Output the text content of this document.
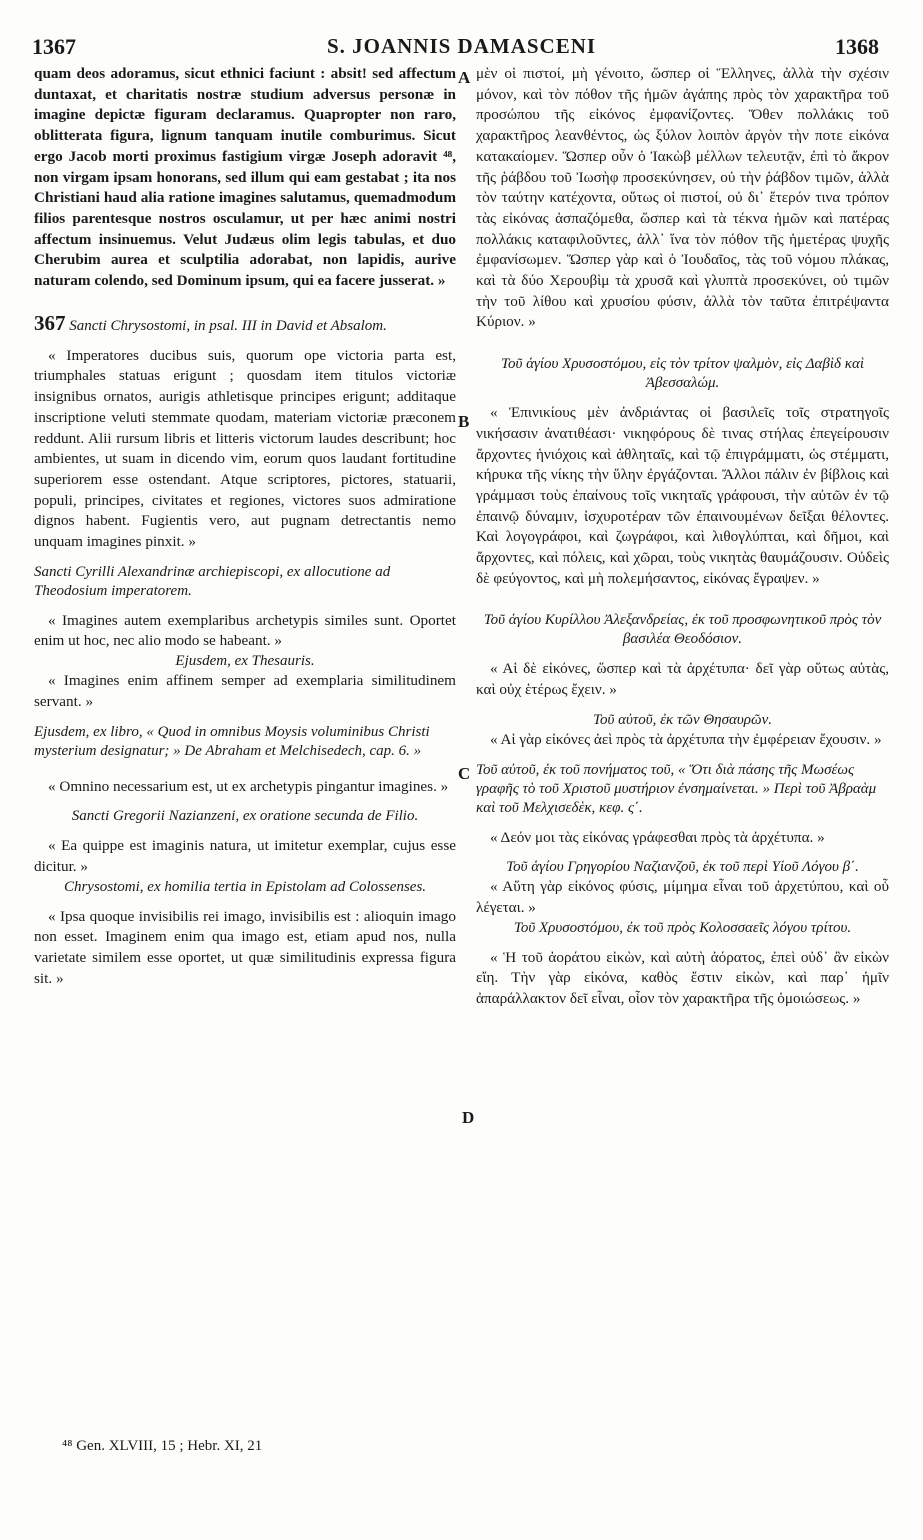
1367	S. JOANNIS DAMASCENI	1368
A
B
C
D

quam deos adoramus, sicut ethnici faciunt : absit! sed affectum duntaxat, et charitatis nostræ studium adversus personæ in imagine depictæ figuram declaramus. Quapropter non raro, oblitterata figura, lignum tanquam inutile comburimus. Sicut ergo Jacob morti proximus fastigium virgæ Joseph adoravit ⁴⁸, non virgam ipsam honorans, sed illum qui eam gestabat ; ita nos Christiani haud alia ratione imagines salutamus, quemadmodum filios parentesque nostros osculamur, ut per hæc animi nostri affectum insinuemus. Velut Judæus olim legis tabulas, et duo Cherubim aurea et sculptilia adorabat, non lapidis, aurive naturam colendo, sed Dominum ipsum, qui ea facere jusserat. »

367 Sancti Chrysostomi, in psal. III in David et Absalom.

« Imperatores ducibus suis, quorum ope victoria parta est, triumphales statuas erigunt ; quosdam item titulos victoriæ insignibus ornatos, aurigis athletisque principes erigunt; additaque inscriptione veluti stemmate quodam, materiam victoriæ præconem reddunt. Alii rursum libris et litteris victorum laudes describunt; hoc ambientes, ut suam in dicendo vim, eorum quos laudant fortitudine superiorem esse ostendant. Atque scriptores, pictores, statuarii, populi, principes, civitates et regiones, victores suos admiratione dignos habent. Fugientis vero, aut pugnam detrectantis nemo unquam imagines pinxit. »

Sancti Cyrilli Alexandrinæ archiepiscopi, ex allocutione ad Theodosium imperatorem.

« Imagines autem exemplaribus archetypis similes sunt. Oportet enim ut hoc, nec alio modo se habeant. »

Ejusdem, ex Thesauris.

« Imagines enim affinem semper ad exemplaria similitudinem servant. »

Ejusdem, ex libro, « Quod in omnibus Moysis voluminibus Christi mysterium designatur; » De Abraham et Melchisedech, cap. 6. »

« Omnino necessarium est, ut ex archetypis pingantur imagines. »

Sancti Gregorii Nazianzeni, ex oratione secunda de Filio.

« Ea quippe est imaginis natura, ut imitetur exemplar, cujus esse dicitur. »

Chrysostomi, ex homilia tertia in Epistolam ad Colossenses.

« Ipsa quoque invisibilis rei imago, invisibilis est : alioquin imago non esset. Imaginem enim qua imago est, etiam apud nos, nulla varietate similem esse oportet, ut quæ similitudinis expressa figura sit. »

μὲν οἱ πιστοί, μὴ γένοιτο, ὥσπερ οἱ Ἕλληνες, ἀλλὰ τὴν σχέσιν μόνον, καὶ τὸν πόθον τῆς ἡμῶν ἀγάπης πρὸς τὸν χαρακτῆρα τοῦ προσώπου τῆς εἰκόνος ἐμφανίζοντες. Ὅθεν πολλάκις τοῦ χαρακτῆρος λεανθέντος, ὡς ξύλον λοιπὸν ἀργὸν τὴν ποτε εἰκόνα κατακαίομεν. Ὥσπερ οὖν ὁ Ἰακὼβ μέλλων τελευτᾷν, ἐπὶ τὸ ἄκρον τῆς ῥάβδου τοῦ Ἰωσὴφ προσεκύνησεν, οὐ τὴν ῥάβδον τιμῶν, ἀλλὰ τὸν ταύτην κατέχοντα, οὕτως οἱ πιστοί, οὐ δι᾽ ἕτερόν τινα τρόπον τὰς εἰκόνας ἀσπαζόμεθα, ὥσπερ καὶ τὰ τέκνα ἡμῶν καὶ πατέρας πολλάκις καταφιλοῦντες, ἀλλ᾽ ἵνα τὸν πόθον τῆς ἡμετέρας ψυχῆς ἐμφανίσωμεν. Ὥσπερ γὰρ καὶ ὁ Ἰουδαῖος, τὰς τοῦ νόμου πλάκας, καὶ τὰ δύο Χερουβὶμ τὰ χρυσᾶ καὶ γλυπτὰ προσεκύνει, οὐ τιμῶν τὴν τοῦ λίθου καὶ χρυσίου φύσιν, ἀλλὰ τὸν ταῦτα ἐπιτρέψαντα Κύριον. »

Τοῦ ἁγίου Χρυσοστόμου, εἰς τὸν τρίτον ψαλμὸν, εἰς Δαβὶδ καὶ Ἀβεσσαλώμ.

« Ἐπινικίους μὲν ἀνδριάντας οἱ βασιλεῖς τοῖς στρατηγοῖς νικήσασιν ἀνατιθέασι· νικηφόρους δὲ τινας στήλας ἐπεγείρουσιν ἄρχοντες ἡνιόχοις καὶ ἀθληταῖς, καὶ τῷ ἐπιγράμματι, ὡς στέμματι, κήρυκα τῆς νίκης τὴν ὕλην ἐργάζονται. Ἄλλοι πάλιν ἐν βίβλοις καὶ γράμμασι τοὺς ἐπαίνους τοῖς νικηταῖς γράφουσι, τὴν αὐτῶν ἐν τῷ ἐπαινῷ δύναμιν, ἰσχυροτέραν τῶν ἐπαινουμένων δεῖξαι θέλοντες. Καὶ λογογράφοι, καὶ ζωγράφοι, καὶ λιθογλύπται, καὶ δῆμοι, καὶ ἄρχοντες, καὶ πόλεις, καὶ χῶραι, τοὺς νικητὰς θαυμάζουσιν. Οὐδεὶς δὲ φεύγοντος, καὶ μὴ πολεμήσαντος, εἰκόνας ἔγραψεν. »

Τοῦ ἁγίου Κυρίλλου Ἀλεξανδρείας, ἐκ τοῦ προσφωνητικοῦ πρὸς τὸν βασιλέα Θεοδόσιον.

« Αἱ δὲ εἰκόνες, ὥσπερ καὶ τὰ ἀρχέτυπα· δεῖ γὰρ οὕτως αὐτὰς, καὶ οὐχ ἑτέρως ἔχειν. »

Τοῦ αὐτοῦ, ἐκ τῶν Θησαυρῶν.

« Αἱ γὰρ εἰκόνες ἀεὶ πρὸς τὰ ἀρχέτυπα τὴν ἐμφέρειαν ἔχουσιν. »

Τοῦ αὐτοῦ, ἐκ τοῦ πονήματος τοῦ, « Ὅτι διὰ πάσης τῆς Μωσέως γραφῆς τὸ τοῦ Χριστοῦ μυστήριον ἐνσημαίνεται. » Περὶ τοῦ Ἀβραὰμ καὶ τοῦ Μελχισεδὲκ, κεφ. ς΄.

« Δεόν μοι τὰς εἰκόνας γράφεσθαι πρὸς τὰ ἀρχέτυπα. »

Τοῦ ἁγίου Γρηγορίου Ναζιανζοῦ, ἐκ τοῦ περὶ Υἱοῦ Λόγου β΄.

« Αὕτη γὰρ εἰκόνος φύσις, μίμημα εἶναι τοῦ ἀρχετύπου, καὶ οὗ λέγεται. »

Τοῦ Χρυσοστόμου, ἐκ τοῦ πρὸς Κολοσσαεῖς λόγου τρίτου.

« Ἡ τοῦ ἀοράτου εἰκὼν, καὶ αὐτὴ ἀόρατος, ἐπεὶ οὐδ᾽ ἂν εἰκὼν εἴη. Τὴν γὰρ εἰκόνα, καθὸς ἔστιν εἰκὼν, καὶ παρ᾽ ἡμῖν ἀπαράλλακτον δεῖ εἶναι, οἷον τὸν χαρακτῆρα τῆς ὁμοιώσεως. »

⁴⁸ Gen. XLVIII, 15 ; Hebr. XI, 21
